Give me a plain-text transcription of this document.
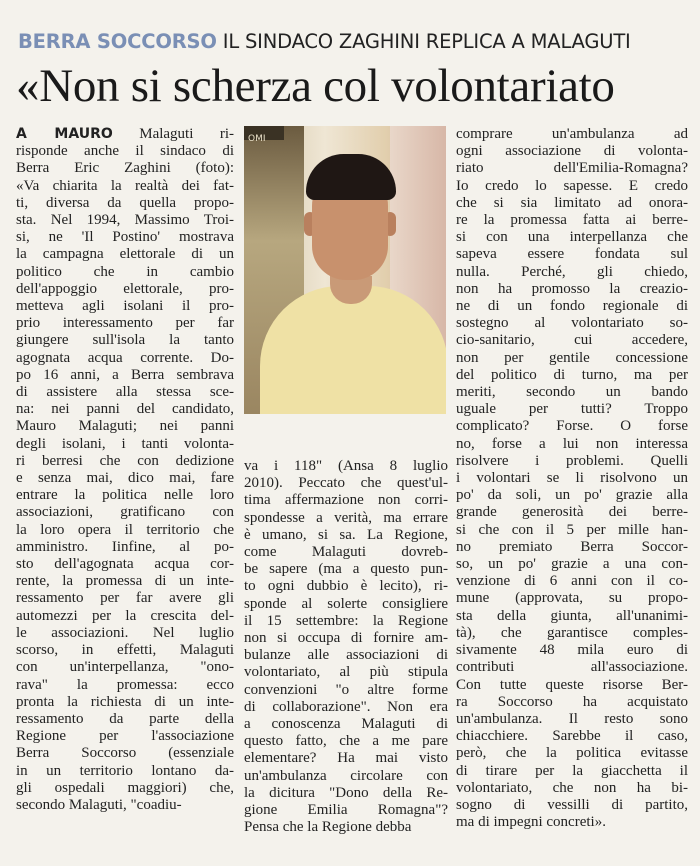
BERRA SOCCORSO IL SINDACO ZAGHINI REPLICA A MALAGUTI
«Non si scherza col volontariato
OMI
A MAURO Malaguti ri-
risponde anche il sindaco di
Berra Eric Zaghini (foto):
«Va chiarita la realtà dei fat-
ti, diversa da quella propo-
sta. Nel 1994, Massimo Troi-
si, ne 'Il Postino' mostrava
la campagna elettorale di un
politico che in cambio
dell'appoggio elettorale, pro-
metteva agli isolani il pro-
prio interessamento per far
giungere sull'isola la tanto
agognata acqua corrente. Do-
po 16 anni, a Berra sembrava
di assistere alla stessa sce-
na: nei panni del candidato,
Mauro Malaguti; nei panni
degli isolani, i tanti volonta-
ri berresi che con dedizione
e senza mai, dico mai, fare
entrare la politica nelle loro
associazioni, gratificano con
la loro opera il territorio che
amministro. Iinfine, al po-
sto dell'agognata acqua cor-
rente, la promessa di un inte-
ressamento per far avere gli
automezzi per la crescita del-
le associazioni. Nel luglio
scorso, in effetti, Malaguti
con un'interpellanza, "ono-
rava" la promessa: ecco
pronta la richiesta di un inte-
ressamento da parte della
Regione per l'associazione
Berra Soccorso (essenziale
in un territorio lontano da-
gli ospedali maggiori) che,
secondo Malaguti, "coadiu-
va i 118" (Ansa 8 luglio
2010). Peccato che quest'ul-
tima affermazione non corri-
spondesse a verità, ma errare
è umano, si sa. La Regione,
come Malaguti dovreb-
be sapere (ma a questo pun-
to ogni dubbio è lecito), ri-
sponde al solerte consigliere
il 15 settembre: la Regione
non si occupa di fornire am-
bulanze alle associazioni di
volontariato, al più stipula
convenzioni "o altre forme
di collaborazione". Non era
a conoscenza Malaguti di
questo fatto, che a me pare
elementare? Ha mai visto
un'ambulanza circolare con
la dicitura "Dono della Re-
gione Emilia Romagna"?
Pensa che la Regione debba
comprare un'ambulanza ad
ogni associazione di volonta-
riato dell'Emilia-Romagna?
Io credo lo sapesse. E credo
che si sia limitato ad onora-
re la promessa fatta ai berre-
si con una interpellanza che
sapeva essere fondata sul
nulla. Perché, gli chiedo,
non ha promosso la creazio-
ne di un fondo regionale di
sostegno al volontariato so-
cio-sanitario, cui accedere,
non per gentile concessione
del politico di turno, ma per
meriti, secondo un bando
uguale per tutti? Troppo
complicato? Forse. O forse
no, forse a lui non interessa
risolvere i problemi. Quelli
i volontari se li risolvono un
po' da soli, un po' grazie alla
grande generosità dei berre-
si che con il 5 per mille han-
no premiato Berra Soccor-
so, un po' grazie a una con-
venzione di 6 anni con il co-
mune (approvata, su propo-
sta della giunta, all'unanimi-
tà), che garantisce comples-
sivamente 48 mila euro di
contributi all'associazione.
Con tutte queste risorse Ber-
ra Soccorso ha acquistato
un'ambulanza. Il resto sono
chiacchiere. Sarebbe il caso,
però, che la politica evitasse
di tirare per la giacchetta il
volontariato, che non ha bi-
sogno di vessilli di partito,
ma di impegni concreti».
